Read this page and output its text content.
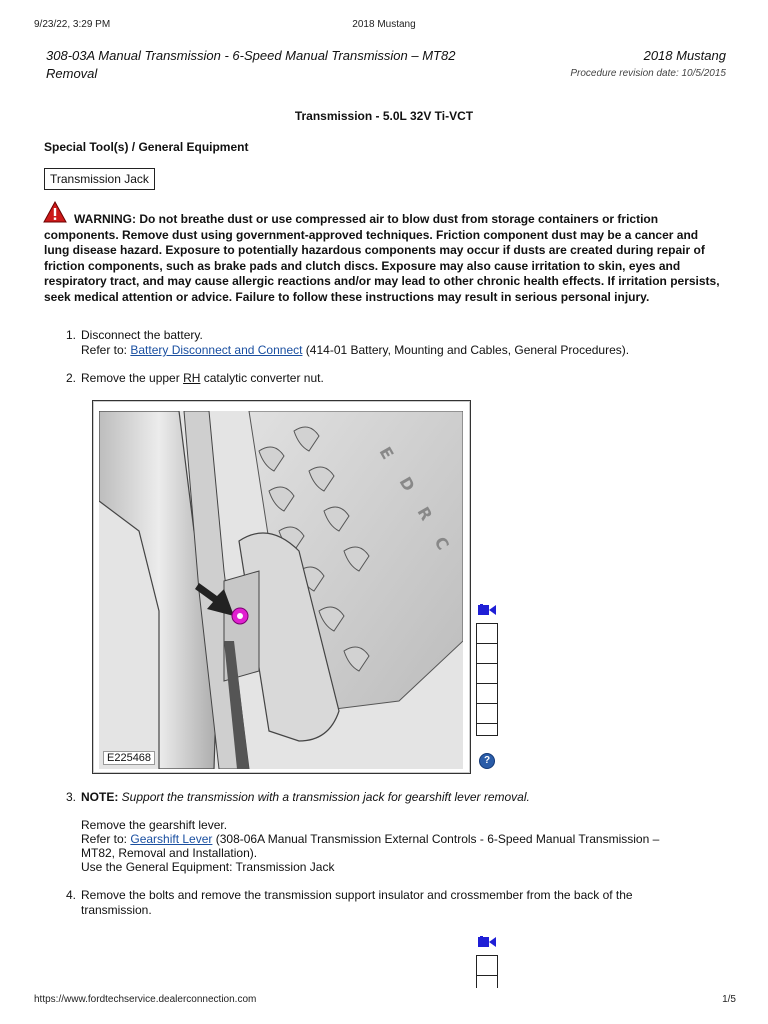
9/23/22, 3:29 PM	2018 Mustang
308-03A Manual Transmission - 6-Speed Manual Transmission – MT82
Removal
2018 Mustang
Procedure revision date: 10/5/2015
Transmission - 5.0L 32V Ti-VCT
Special Tool(s) / General Equipment
Transmission Jack
WARNING: Do not breathe dust or use compressed air to blow dust from storage containers or friction components. Remove dust using government-approved techniques. Friction component dust may be a cancer and lung disease hazard. Exposure to potentially hazardous components may occur if dusts are created during repair of friction components, such as brake pads and clutch discs. Exposure may also cause irritation to skin, eyes and respiratory tract, and may cause allergic reactions and/or may lead to other chronic health effects. If irritation persists, seek medical attention or advice. Failure to follow these instructions may result in serious personal injury.
1. Disconnect the battery.
Refer to: Battery Disconnect and Connect (414-01 Battery, Mounting and Cables, General Procedures).
2. Remove the upper RH catalytic converter nut.
E
D
R
C
E225468	?
3. NOTE: Support the transmission with a transmission jack for gearshift lever removal.
Remove the gearshift lever.
Refer to: Gearshift Lever (308-06A Manual Transmission External Controls - 6-Speed Manual Transmission –
MT82, Removal and Installation).
Use the General Equipment: Transmission Jack
4. Remove the bolts and remove the transmission support insulator and crossmember from the back of the
transmission.
https://www.fordtechservice.dealerconnection.com	1/5
